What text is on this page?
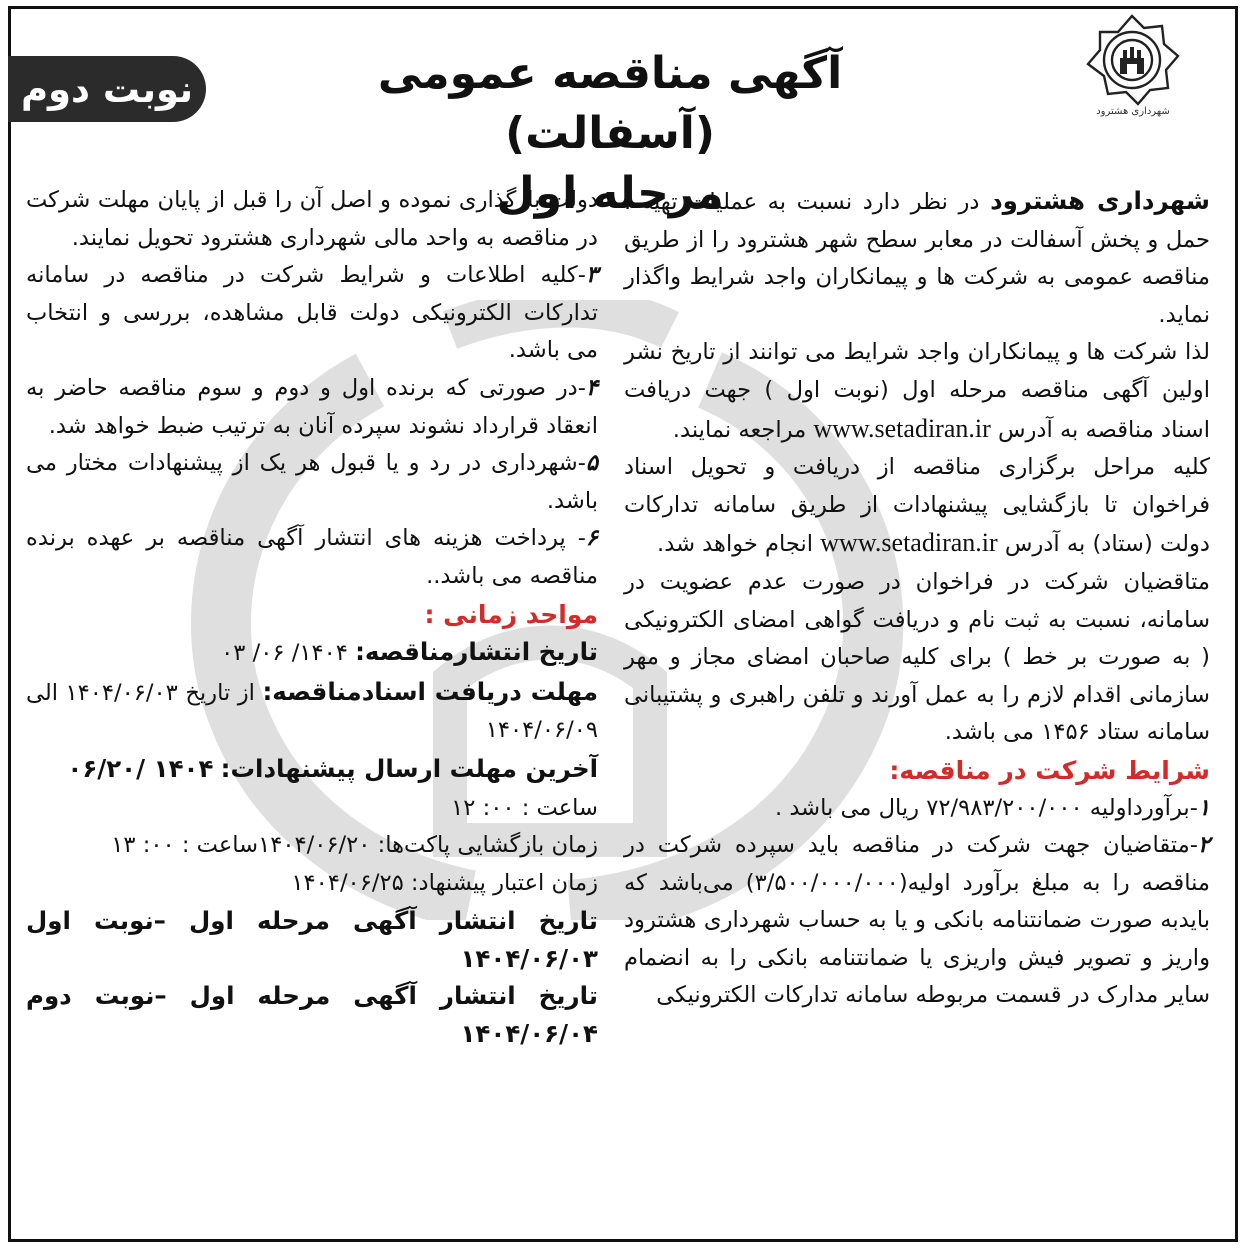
نوبت دوم	آگهی مناقصه عمومی (آسفالت)
مرحله اول
شهرداری هشترود

شهرداری هشترود در نظر دارد نسبت به عملیات تهیه ، حمل و پخش آسفالت در معابر سطح شهر هشترود را از طریق مناقصه عمومی به شرکت ها و پیمانکاران واجد شرایط واگذار نماید.

لذا شرکت ها و پیمانکاران واجد شرایط می توانند از تاریخ نشر اولین آگهی مناقصه مرحله اول (نوبت اول ) جهت دریافت اسناد مناقصه به آدرس www.setadiran.ir مراجعه نمایند.

کلیه مراحل برگزاری مناقصه از دریافت و تحویل اسناد فراخوان تا بازگشایی پیشنهادات از طریق سامانه تدارکات دولت (ستاد) به آدرس www.setadiran.ir انجام خواهد شد.

متاقضیان شرکت در فراخوان در صورت عدم عضویت در سامانه، نسبت به ثبت نام و دریافت گواهی امضای الکترونیکی ( به صورت بر خط ) برای کلیه صاحبان امضای مجاز و مهر سازمانی اقدام لازم را به عمل آورند و تلفن راهبری و پشتیبانی سامانه ستاد ۱۴۵۶ می باشد.

شرایط شرکت در مناقصه:

۱-برآورداولیه ۷۲/۹۸۳/۲۰۰/۰۰۰ ریال می باشد .

۲-متقاضیان جهت شرکت در مناقصه باید سپرده شرکت در مناقصه را به مبلغ برآورد اولیه(۳/۵۰۰/۰۰۰/۰۰۰) می‌باشد که بایدبه صورت ضمانتنامه بانکی و یا به حساب شهرداری هشترود واریز و تصویر فیش واریزی یا ضمانتنامه بانکی را به انضمام سایر مدارک در قسمت مربوطه سامانه تدارکات الکترونیکی

دولت بارگذاری نموده و اصل آن را قبل از پایان مهلت شرکت در مناقصه به واحد مالی شهرداری هشترود تحویل نمایند.

۳-کلیه اطلاعات و شرایط شرکت در مناقصه در سامانه تدارکات الکترونیکی دولت قابل مشاهده، بررسی و انتخاب می باشد.

۴-در صورتی که برنده اول و دوم و سوم مناقصه حاضر به انعقاد قرارداد نشوند سپرده آنان به ترتیب ضبط خواهد شد.

۵-شهرداری در رد و یا قبول هر یک از پیشنهادات مختار می باشد.

۶- پرداخت هزینه های انتشار آگهی مناقصه بر عهده برنده مناقصه می باشد..

مواحد زمانی :

تاریخ انتشارمناقصه: ۱۴۰۴/ ۰۶/ ۰۳

مهلت دریافت اسنادمناقصه: از تاریخ ۱۴۰۴/۰۶/۰۳ الی ۱۴۰۴/۰۶/۰۹

آخرین مهلت ارسال پیشنهادات: ۱۴۰۴ /۰۶/۲۰

ساعت : ۰۰: ۱۲

زمان بازگشایی پاکت‌ها: ۱۴۰۴/۰۶/۲۰ساعت : ۰۰: ۱۳

زمان اعتبار پیشنهاد: ۱۴۰۴/۰۶/۲۵

تاریخ انتشار آگهی مرحله اول –نوبت اول ۱۴۰۴/۰۶/۰۳

تاریخ انتشار آگهی مرحله اول –نوبت دوم ۱۴۰۴/۰۶/۰۴
